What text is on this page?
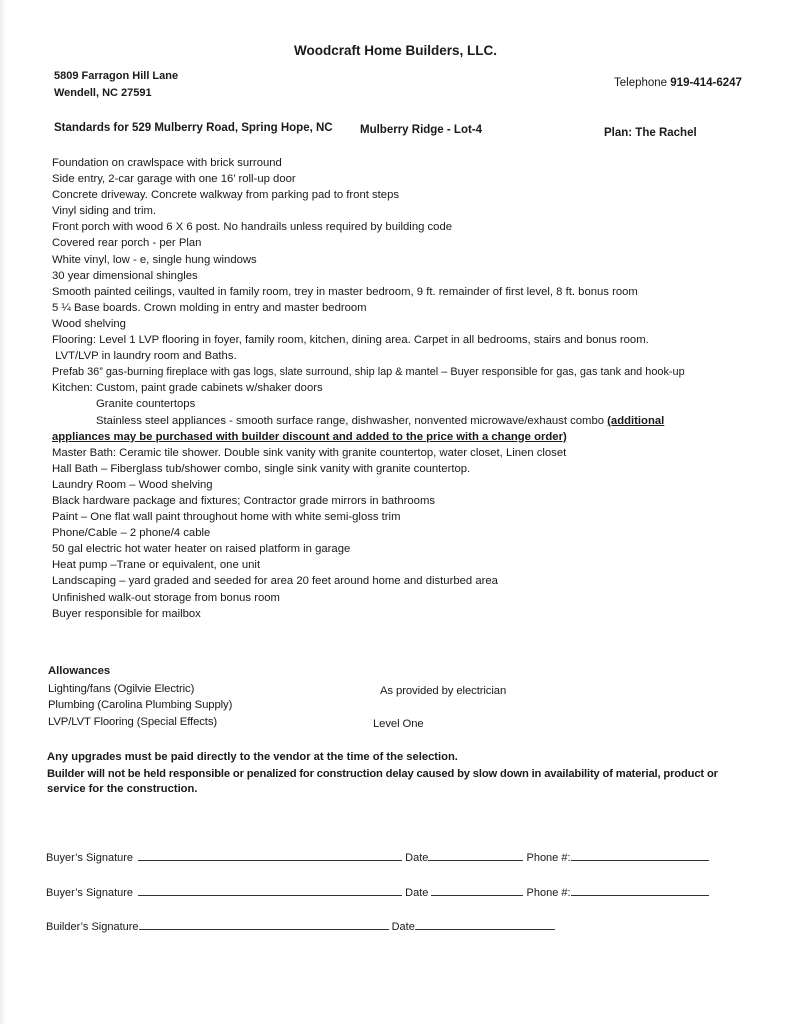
Woodcraft Home Builders, LLC.
5809 Farragon Hill Lane
Wendell, NC 27591
Telephone 919-414-6247
Standards for 529 Mulberry Road, Spring Hope, NC Mulberry Ridge - Lot-4	Plan: The Rachel
Foundation on crawlspace with brick surround
Side entry, 2-car garage with one 16’ roll-up door
Concrete driveway. Concrete walkway from parking pad to front steps
Vinyl siding and trim.
Front porch with wood 6 X 6 post. No handrails unless required by building code
Covered rear porch - per Plan
White vinyl, low - e, single hung windows
30 year dimensional shingles
Smooth painted ceilings, vaulted in family room, trey in master bedroom, 9 ft. remainder of first level, 8 ft. bonus room
5 ¼ Base boards. Crown molding in entry and master bedroom
Wood shelving
Flooring: Level 1 LVP flooring in foyer, family room, kitchen, dining area. Carpet in all bedrooms, stairs and bonus room.
LVT/LVP in laundry room and Baths.
Prefab 36” gas-burning fireplace with gas logs, slate surround, ship lap & mantel – Buyer responsible for gas, gas tank and hook-up
Kitchen: Custom, paint grade cabinets w/shaker doors
Granite countertops
Stainless steel appliances - smooth surface range, dishwasher, nonvented microwave/exhaust combo (additional
appliances may be purchased with builder discount and added to the price with a change order)
Master Bath: Ceramic tile shower. Double sink vanity with granite countertop, water closet, Linen closet
Hall Bath – Fiberglass tub/shower combo, single sink vanity with granite countertop.
Laundry Room – Wood shelving
Black hardware package and fixtures; Contractor grade mirrors in bathrooms
Paint – One flat wall paint throughout home with white semi-gloss trim
Phone/Cable – 2 phone/4 cable
50 gal electric hot water heater on raised platform in garage
Heat pump –Trane or equivalent, one unit
Landscaping – yard graded and seeded for area 20 feet around home and disturbed area
Unfinished walk-out storage from bonus room
Buyer responsible for mailbox
Allowances
Lighting/fans (Ogilvie Electric)	As provided by electrician
Plumbing (Carolina Plumbing Supply)
LVP/LVT Flooring (Special Effects)	Level One
Any upgrades must be paid directly to the vendor at the time of the selection.
Builder will not be held responsible or penalized for construction delay caused by slow down in availability of material, product or
service for the construction.
Buyer’s Signature	Date	Phone #:
Buyer’s Signature	Date	Phone #:
Builder’s Signature	Date
